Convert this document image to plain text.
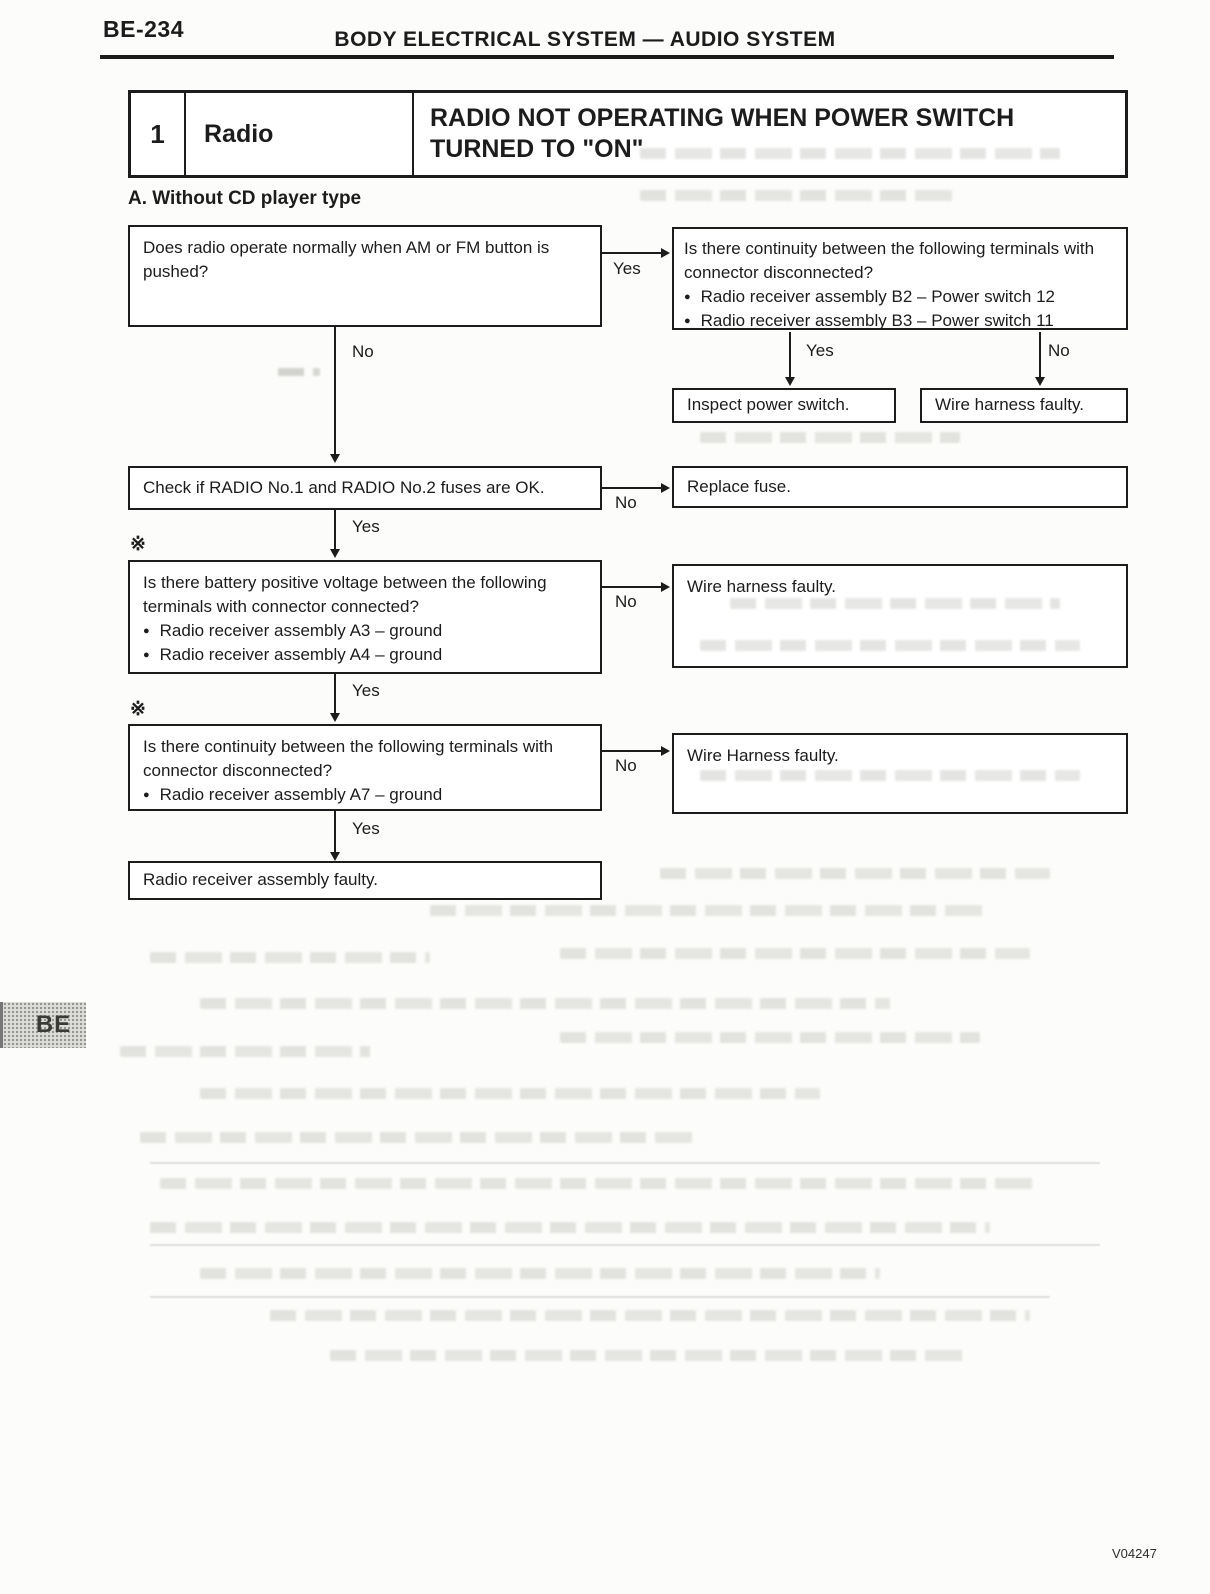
BE-234	BODY ELECTRICAL SYSTEM — AUDIO SYSTEM
1	Radio
RADIO NOT OPERATING WHEN POWER SWITCH TURNED TO "ON"
A. Without CD player type
Does radio operate normally when AM or FM button is pushed?	Yes
Is there continuity between the following terminals with connector disconnected?
● Radio receiver assembly B2 – Power switch 12
● Radio receiver assembly B3 – Power switch 11
Yes	No
Inspect power switch.	Wire harness faulty.
No
Check if RADIO No.1 and RADIO No.2 fuses are OK.
No
Replace fuse.
Yes
※
Is there battery positive voltage between the following terminals with connector connected?
● Radio receiver assembly A3 – ground
● Radio receiver assembly A4 – ground
No
Wire harness faulty.
Yes
※
Is there continuity between the following terminals with connector disconnected?
● Radio receiver assembly A7 – ground
No
Wire Harness faulty.
Yes
Radio receiver assembly faulty.
BE
V04247
